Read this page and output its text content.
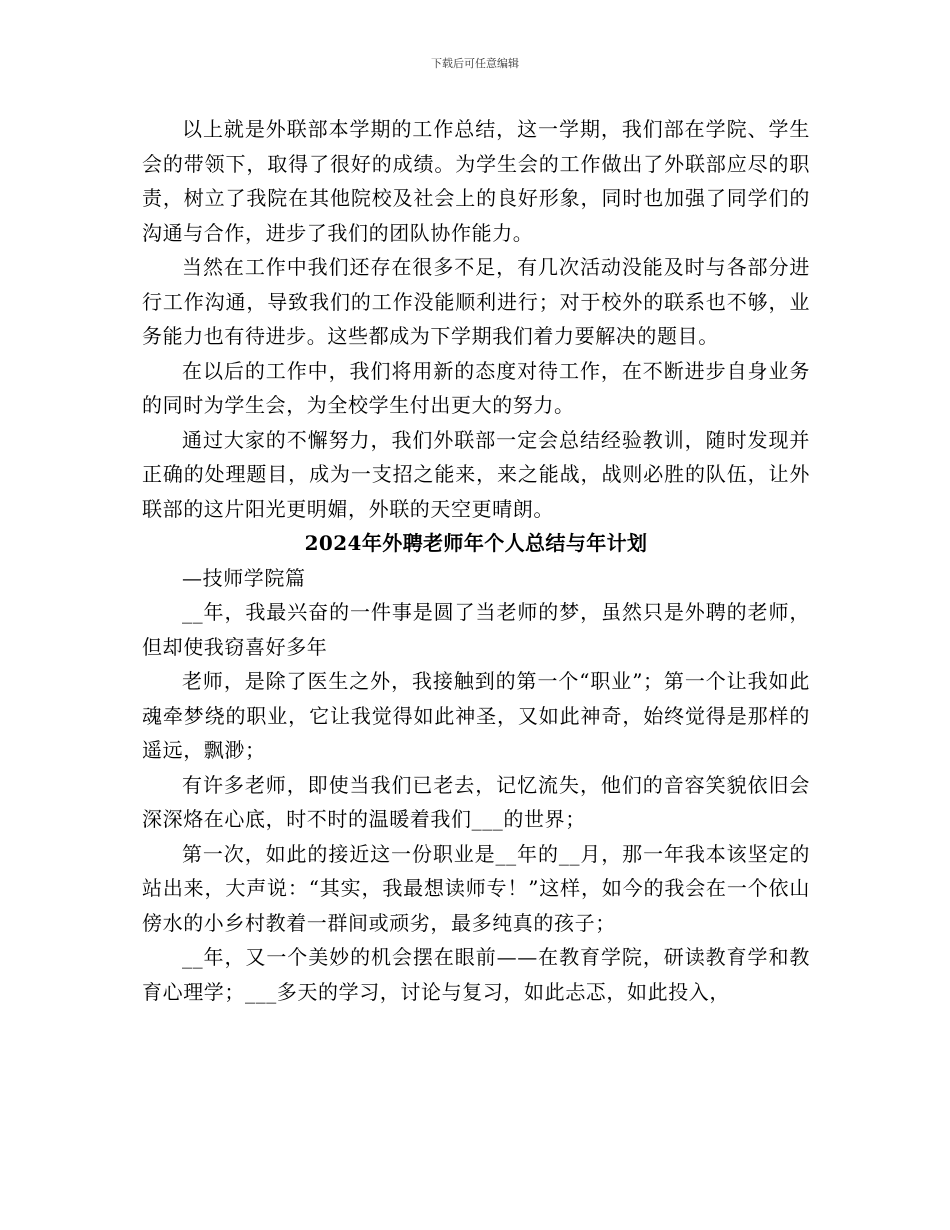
下载后可任意编辑

以上就是外联部本学期的工作总结，这一学期，我们部在学院、学生会的带领下，取得了很好的成绩。为学生会的工作做出了外联部应尽的职责，树立了我院在其他院校及社会上的良好形象，同时也加强了同学们的沟通与合作，进步了我们的团队协作能力。

当然在工作中我们还存在很多不足，有几次活动没能及时与各部分进行工作沟通，导致我们的工作没能顺利进行；对于校外的联系也不够，业务能力也有待进步。这些都成为下学期我们着力要解决的题目。

在以后的工作中，我们将用新的态度对待工作，在不断进步自身业务的同时为学生会，为全校学生付出更大的努力。

通过大家的不懈努力，我们外联部一定会总结经验教训，随时发现并正确的处理题目，成为一支招之能来，来之能战，战则必胜的队伍，让外联部的这片阳光更明媚，外联的天空更晴朗。

2024年外聘老师年个人总结与年计划

—技师学院篇

__年，我最兴奋的一件事是圆了当老师的梦，虽然只是外聘的老师，但却使我窃喜好多年

老师，是除了医生之外，我接触到的第一个“职业”；第一个让我如此魂牵梦绕的职业，它让我觉得如此神圣，又如此神奇，始终觉得是那样的遥远，飘渺；

有许多老师，即使当我们已老去，记忆流失，他们的音容笑貌依旧会深深烙在心底，时不时的温暖着我们___的世界；

第一次，如此的接近这一份职业是__年的__月，那一年我本该坚定的站出来，大声说：“其实，我最想读师专！”这样，如今的我会在一个依山傍水的小乡村教着一群间或顽劣，最多纯真的孩子；

__年，又一个美妙的机会摆在眼前——在教育学院，研读教育学和教育心理学；___多天的学习，讨论与复习，如此忐忑，如此投入，
